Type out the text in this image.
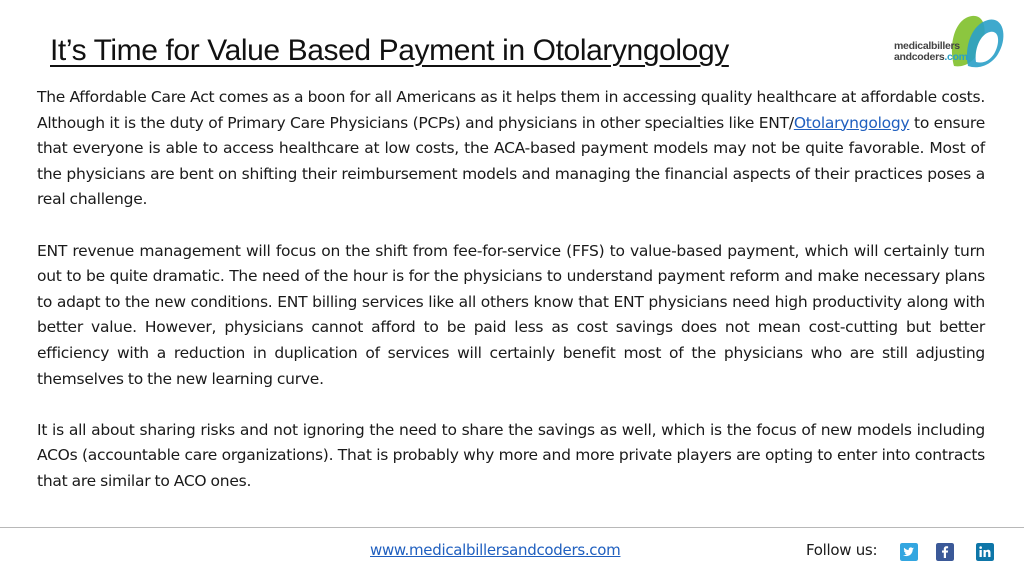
It’s Time for Value Based Payment in Otolaryngology	medicalbillers
andcoders.com

The Affordable Care Act comes as a boon for all Americans as it helps them in accessing quality healthcare at affordable costs. Although it is the duty of Primary Care Physicians (PCPs) and physicians in other specialties like ENT/Otolaryngology to ensure that everyone is able to access healthcare at low costs, the ACA-based payment models may not be quite favorable. Most of the physicians are bent on shifting their reimbursement models and managing the financial aspects of their practices poses a real challenge.

ENT revenue management will focus on the shift from fee-for-service (FFS) to value-based payment, which will certainly turn out to be quite dramatic. The need of the hour is for the physicians to understand payment reform and make necessary plans to adapt to the new conditions. ENT billing services like all others know that ENT physicians need high productivity along with better value. However, physicians cannot afford to be paid less as cost savings does not mean cost-cutting but better efficiency with a reduction in duplication of services will certainly benefit most of the physicians who are still adjusting themselves to the new learning curve.

It is all about sharing risks and not ignoring the need to share the savings as well, which is the focus of new models including ACOs (accountable care organizations). That is probably why more and more private players are opting to enter into contracts that are similar to ACO ones.

www.medicalbillersandcoders.com	Follow us:
